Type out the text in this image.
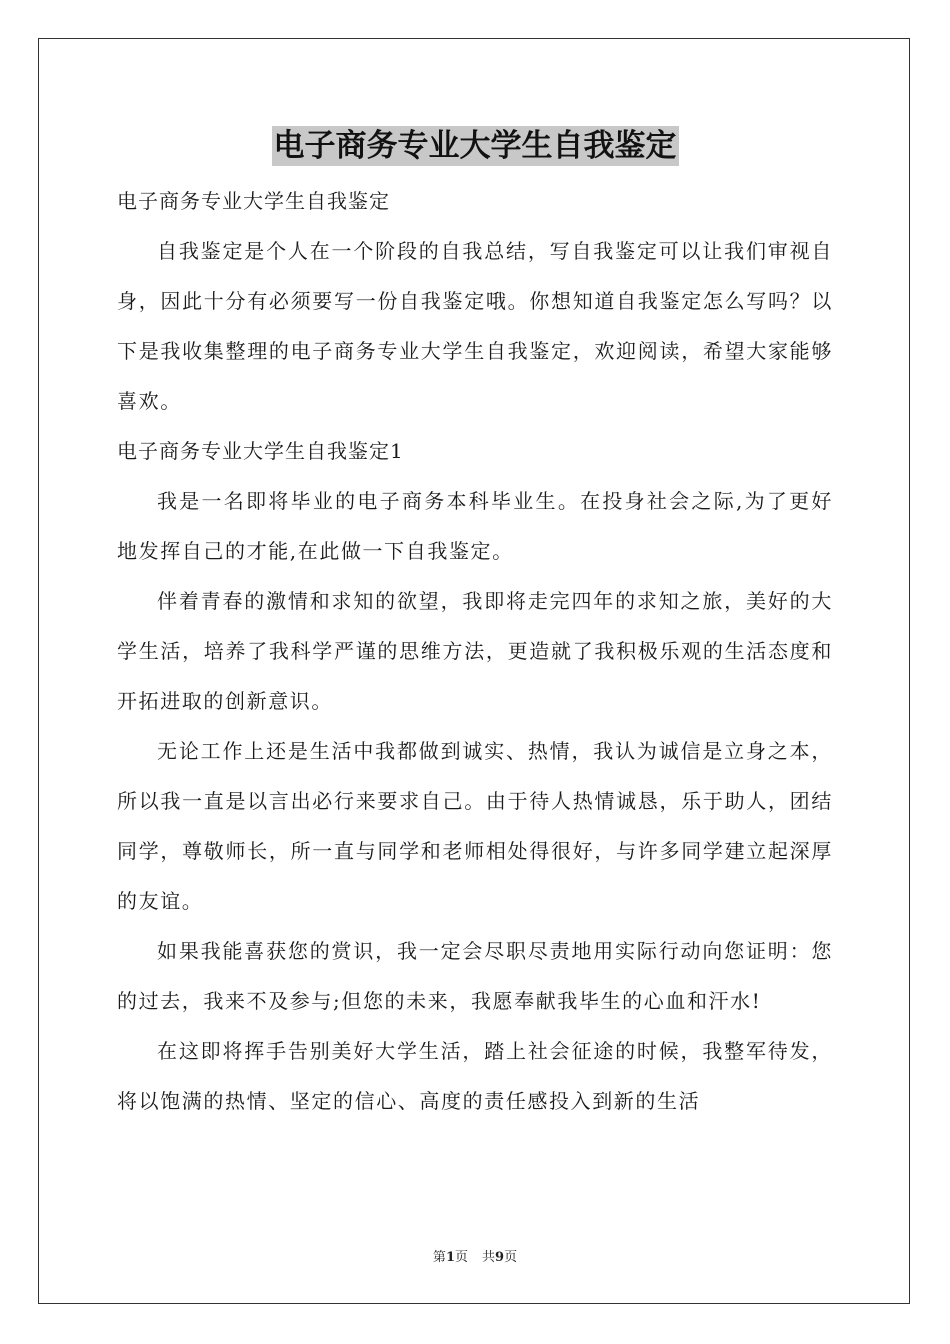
电子商务专业大学生自我鉴定

电子商务专业大学生自我鉴定

自我鉴定是个人在一个阶段的自我总结，写自我鉴定可以让我们审视自身，因此十分有必须要写一份自我鉴定哦。你想知道自我鉴定怎么写吗？以下是我收集整理的电子商务专业大学生自我鉴定，欢迎阅读，希望大家能够喜欢。

电子商务专业大学生自我鉴定1

我是一名即将毕业的电子商务本科毕业生。在投身社会之际,为了更好地发挥自己的才能,在此做一下自我鉴定。

伴着青春的激情和求知的欲望，我即将走完四年的求知之旅，美好的大学生活，培养了我科学严谨的思维方法，更造就了我积极乐观的生活态度和开拓进取的创新意识。

无论工作上还是生活中我都做到诚实、热情，我认为诚信是立身之本，所以我一直是以言出必行来要求自己。由于待人热情诚恳，乐于助人，团结同学，尊敬师长，所一直与同学和老师相处得很好，与许多同学建立起深厚的友谊。

如果我能喜获您的赏识，我一定会尽职尽责地用实际行动向您证明：您的过去，我来不及参与;但您的未来，我愿奉献我毕生的心血和汗水!

在这即将挥手告别美好大学生活，踏上社会征途的时候，我整军待发，将以饱满的热情、坚定的信心、高度的责任感投入到新的生活

第1页 共9页
